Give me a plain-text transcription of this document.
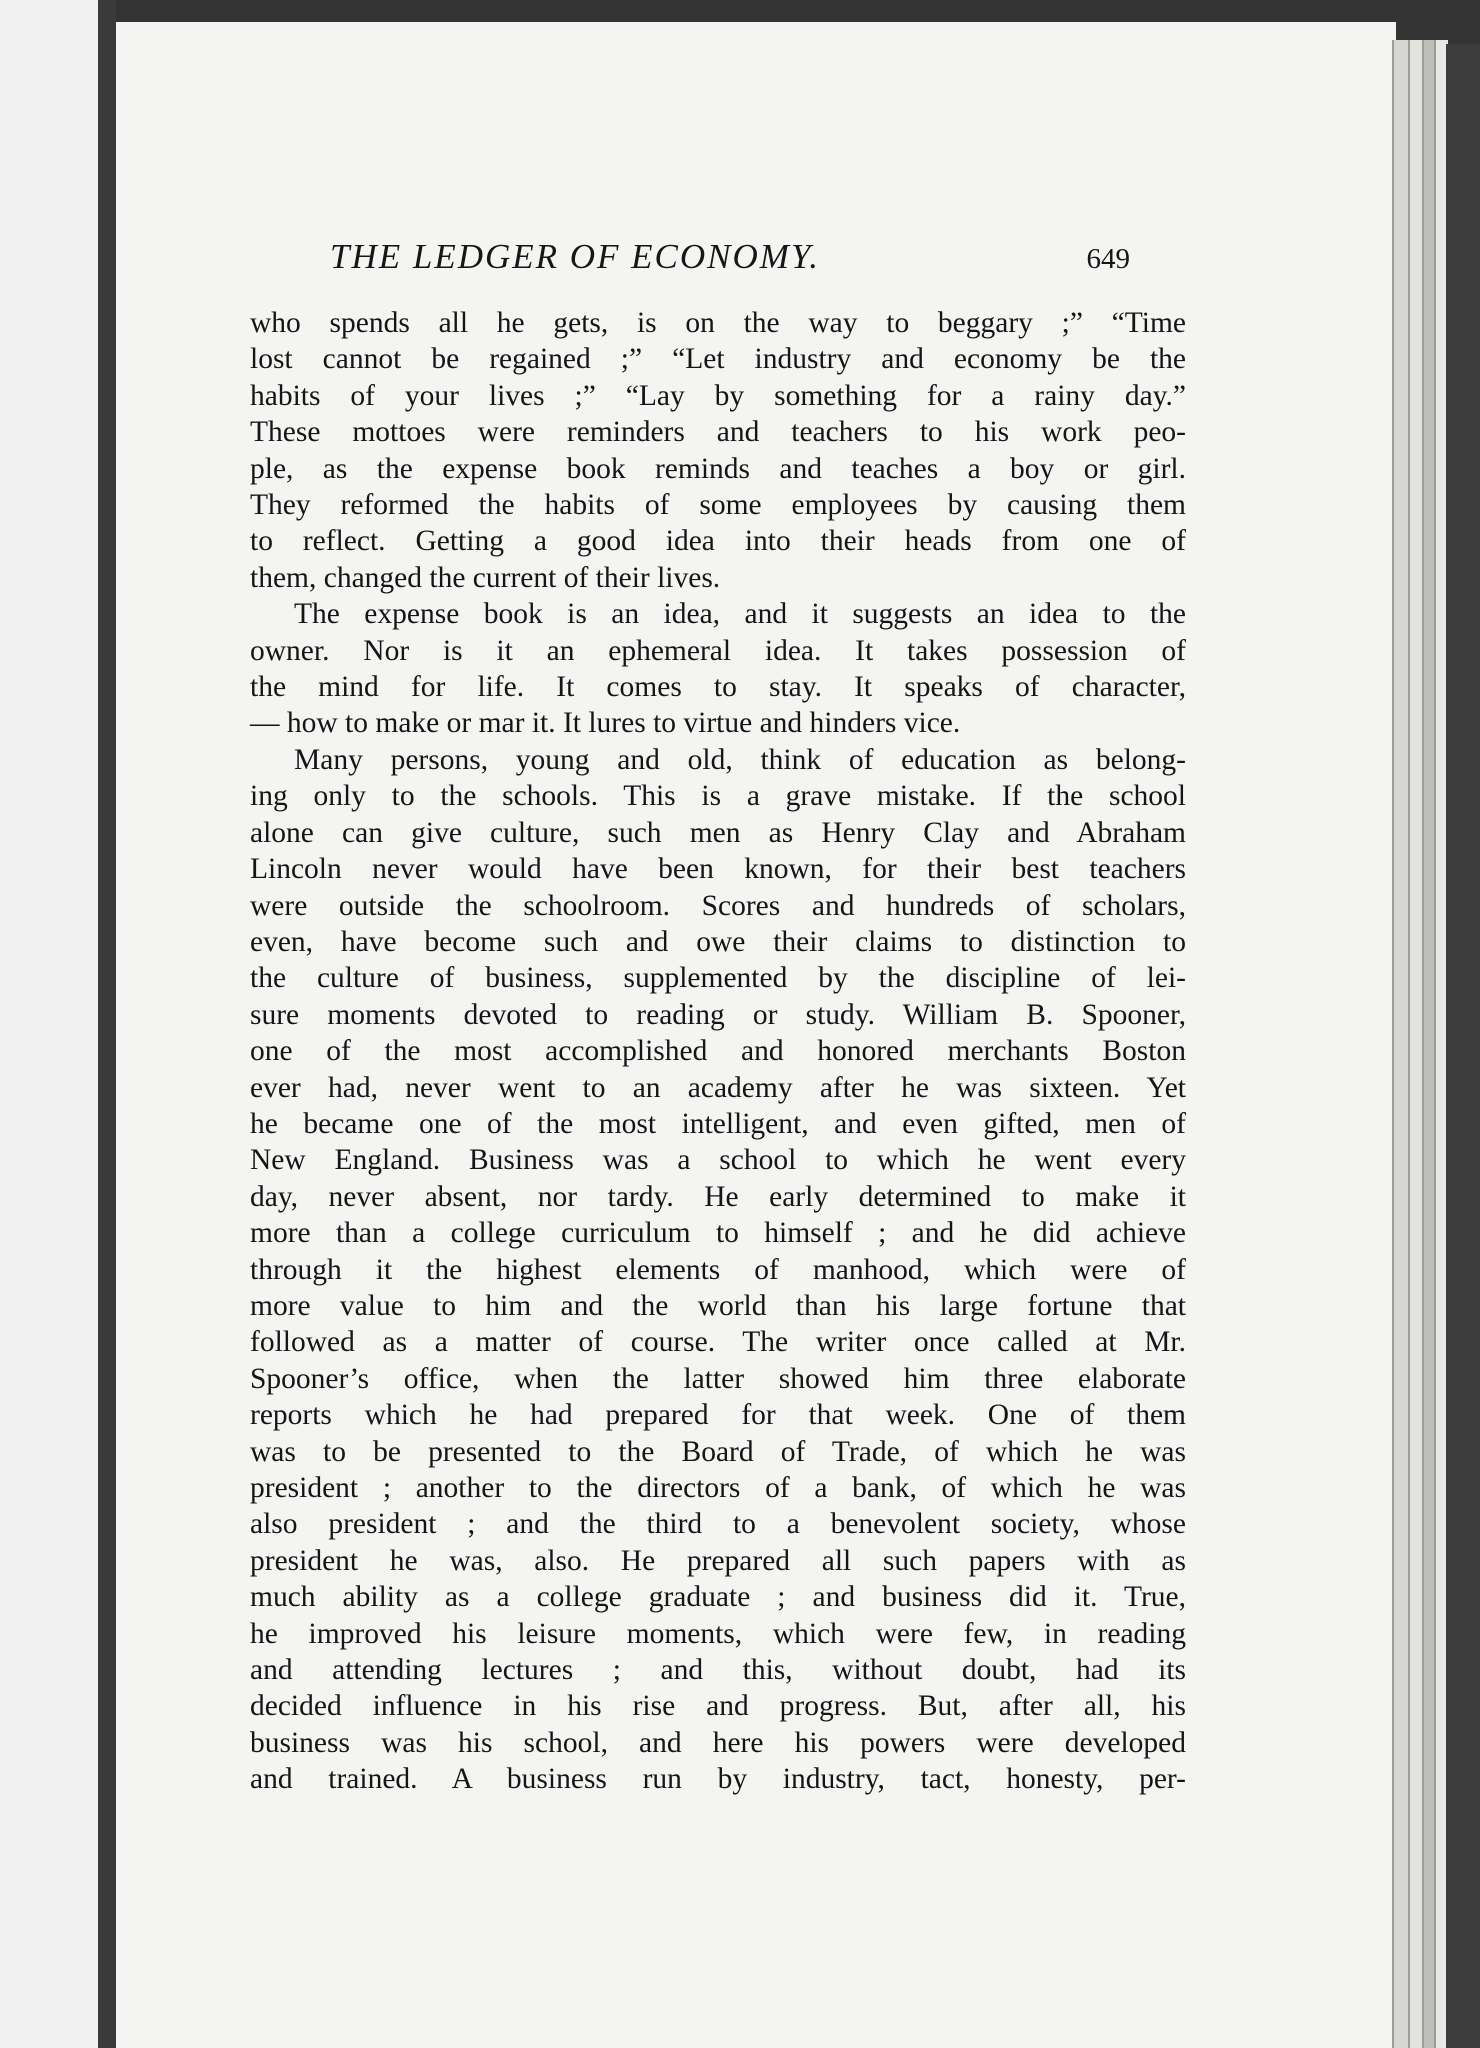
THE LEDGER OF ECONOMY.	649
who spends all he gets, is on the way to beggary ;” “Time
lost cannot be regained ;” “Let industry and economy be the
habits of your lives ;” “Lay by something for a rainy day.”
These mottoes were reminders and teachers to his work peo-
ple, as the expense book reminds and teaches a boy or girl.
They reformed the habits of some employees by causing them
to reflect. Getting a good idea into their heads from one of
them, changed the current of their lives.
The expense book is an idea, and it suggests an idea to the
owner. Nor is it an ephemeral idea. It takes possession of
the mind for life. It comes to stay. It speaks of character,
— how to make or mar it. It lures to virtue and hinders vice.
Many persons, young and old, think of education as belong-
ing only to the schools. This is a grave mistake. If the school
alone can give culture, such men as Henry Clay and Abraham
Lincoln never would have been known, for their best teachers
were outside the schoolroom. Scores and hundreds of scholars,
even, have become such and owe their claims to distinction to
the culture of business, supplemented by the discipline of lei-
sure moments devoted to reading or study. William B. Spooner,
one of the most accomplished and honored merchants Boston
ever had, never went to an academy after he was sixteen. Yet
he became one of the most intelligent, and even gifted, men of
New England. Business was a school to which he went every
day, never absent, nor tardy. He early determined to make it
more than a college curriculum to himself ; and he did achieve
through it the highest elements of manhood, which were of
more value to him and the world than his large fortune that
followed as a matter of course. The writer once called at Mr.
Spooner’s office, when the latter showed him three elaborate
reports which he had prepared for that week. One of them
was to be presented to the Board of Trade, of which he was
president ; another to the directors of a bank, of which he was
also president ; and the third to a benevolent society, whose
president he was, also. He prepared all such papers with as
much ability as a college graduate ; and business did it. True,
he improved his leisure moments, which were few, in reading
and attending lectures ; and this, without doubt, had its
decided influence in his rise and progress. But, after all, his
business was his school, and here his powers were developed
and trained. A business run by industry, tact, honesty, per-
